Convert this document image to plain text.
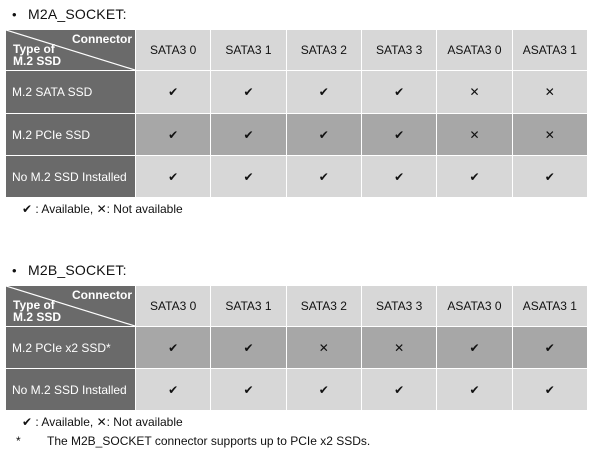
• M2A_SOCKET:
Connector
Type of
M.2 SSD	SATA3 0	SATA3 1	SATA3 2	SATA3 3	ASATA3 0	ASATA3 1
M.2 SATA SSD	✔	✔	✔	✔	✕	✕
M.2 PCIe SSD	✔	✔	✔	✔	✕	✕
No M.2 SSD Installed	✔	✔	✔	✔	✔	✔
✔ : Available, ✕: Not available
• M2B_SOCKET:
Connector
Type of
M.2 SSD	SATA3 0	SATA3 1	SATA3 2	SATA3 3	ASATA3 0	ASATA3 1
M.2 PCIe x2 SSD*	✔	✔	✕	✕	✔	✔
No M.2 SSD Installed	✔	✔	✔	✔	✔	✔
✔ : Available, ✕: Not available
* The M2B_SOCKET connector supports up to PCIe x2 SSDs.
